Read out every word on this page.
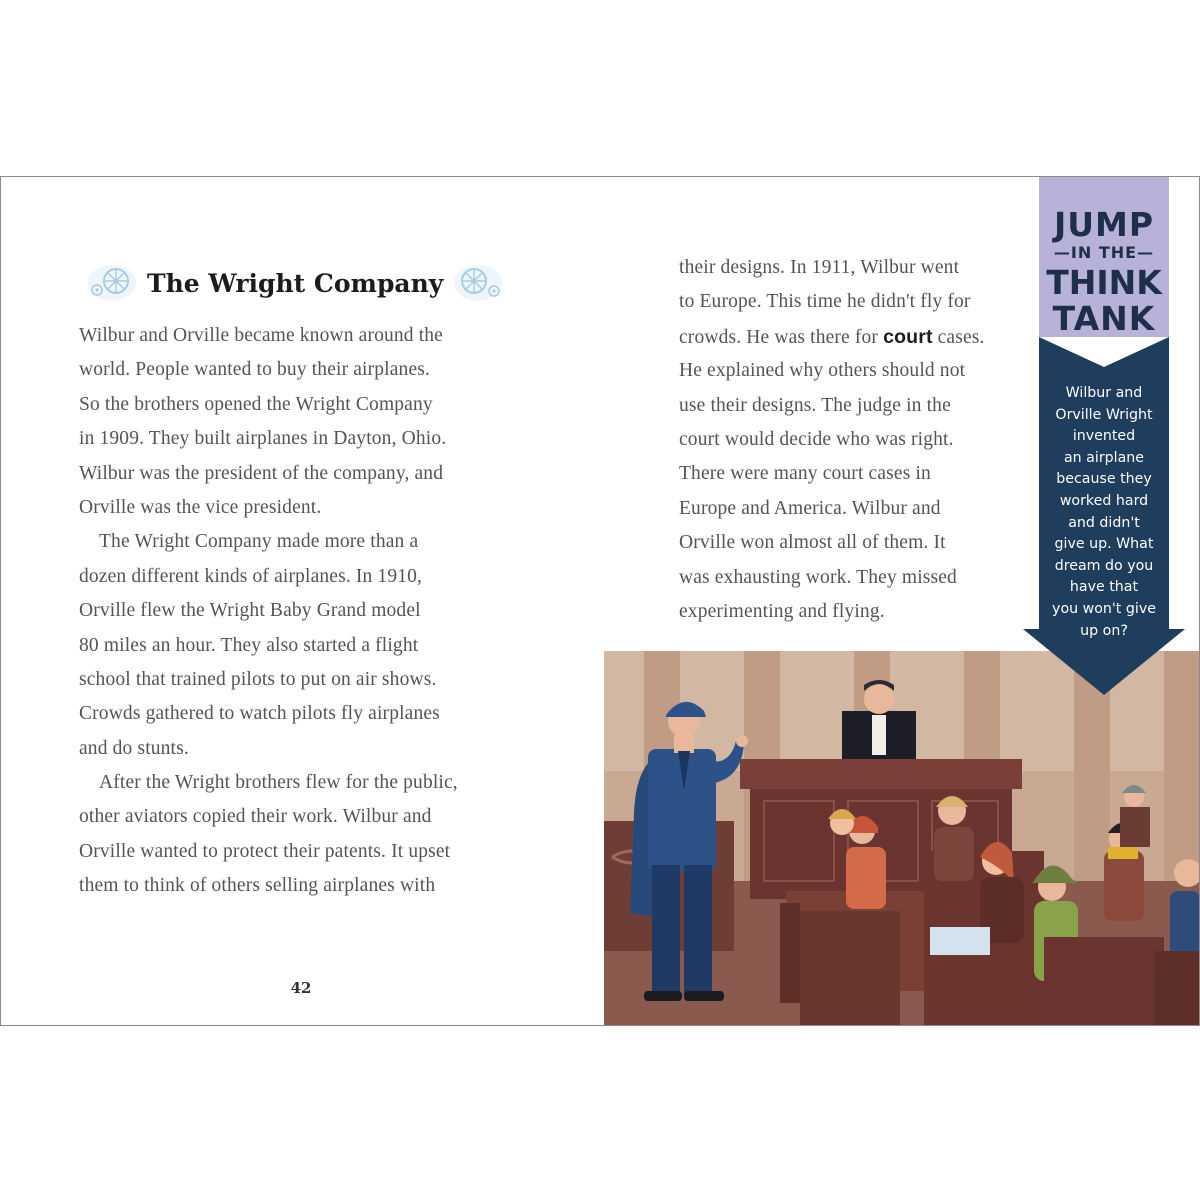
The Wright Company
Wilbur and Orville became known around the
world. People wanted to buy their airplanes.
So the brothers opened the Wright Company
in 1909. They built airplanes in Dayton, Ohio.
Wilbur was the president of the company, and
Orville was the vice president.
The Wright Company made more than a
dozen different kinds of airplanes. In 1910,
Orville flew the Wright Baby Grand model
80 miles an hour. They also started a flight
school that trained pilots to put on air shows.
Crowds gathered to watch pilots fly airplanes
and do stunts.
After the Wright brothers flew for the public,
other aviators copied their work. Wilbur and
Orville wanted to protect their patents. It upset
them to think of others selling airplanes with
their designs. In 1911, Wilbur went
to Europe. This time he didn't fly for
crowds. He was there for court cases.
He explained why others should not
use their designs. The judge in the
court would decide who was right.
There were many court cases in
Europe and America. Wilbur and
Orville won almost all of them. It
was exhausting work. They missed
experimenting and flying.
42
JUMP
—IN THE—
THINK
TANK
Wilbur and
Orville Wright
invented
an airplane
because they
worked hard
and didn't
give up. What
dream do you
have that
you won't give
up on?
